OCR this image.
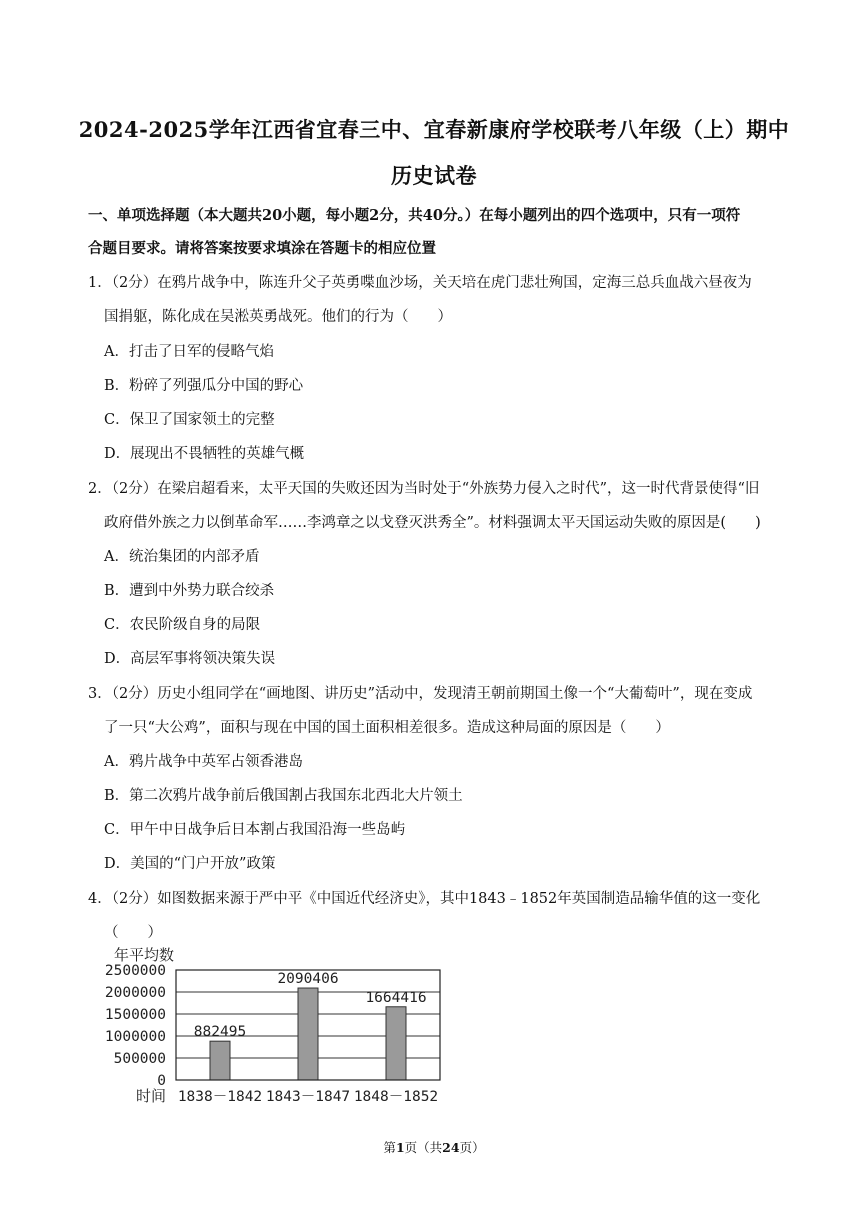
2024-2025学年江西省宜春三中、宜春新康府学校联考八年级（上）期中
历史试卷
一、单项选择题（本大题共20小题，每小题2分，共40分。）在每小题列出的四个选项中，只有一项符
合题目要求。请将答案按要求填涂在答题卡的相应位置
1．（2分）在鸦片战争中，陈连升父子英勇喋血沙场，关天培在虎门悲壮殉国，定海三总兵血战六昼夜为
国捐躯，陈化成在吴淞英勇战死。他们的行为（　　）
A．打击了日军的侵略气焰
B．粉碎了列强瓜分中国的野心
C．保卫了国家领土的完整
D．展现出不畏牺牲的英雄气概
2．（2分）在梁启超看来，太平天国的失败还因为当时处于“外族势力侵入之时代”，这一时代背景使得“旧
政府借外族之力以倒革命军……李鸿章之以戈登灭洪秀全”。材料强调太平天国运动失败的原因是(　　)
A．统治集团的内部矛盾
B．遭到中外势力联合绞杀
C．农民阶级自身的局限
D．高层军事将领决策失误
3．（2分）历史小组同学在“画地图、讲历史”活动中，发现清王朝前期国土像一个“大葡萄叶”，现在变成
了一只“大公鸡”，面积与现在中国的国土面积相差很多。造成这种局面的原因是（　　）
A．鸦片战争中英军占领香港岛
B．第二次鸦片战争前后俄国割占我国东北西北大片领土
C．甲午中日战争后日本割占我国沿海一些岛屿
D．美国的“门户开放”政策
4．（2分）如图数据来源于严中平《中国近代经济史》，其中1843﹣1852年英国制造品输华值的这一变化
（　　）
年平均数
时间
2500000
2000000
1500000
1000000
500000
0
1838－1842 1843－1847 1848－1852
882495
2090406
1664416
第1页（共24页）
